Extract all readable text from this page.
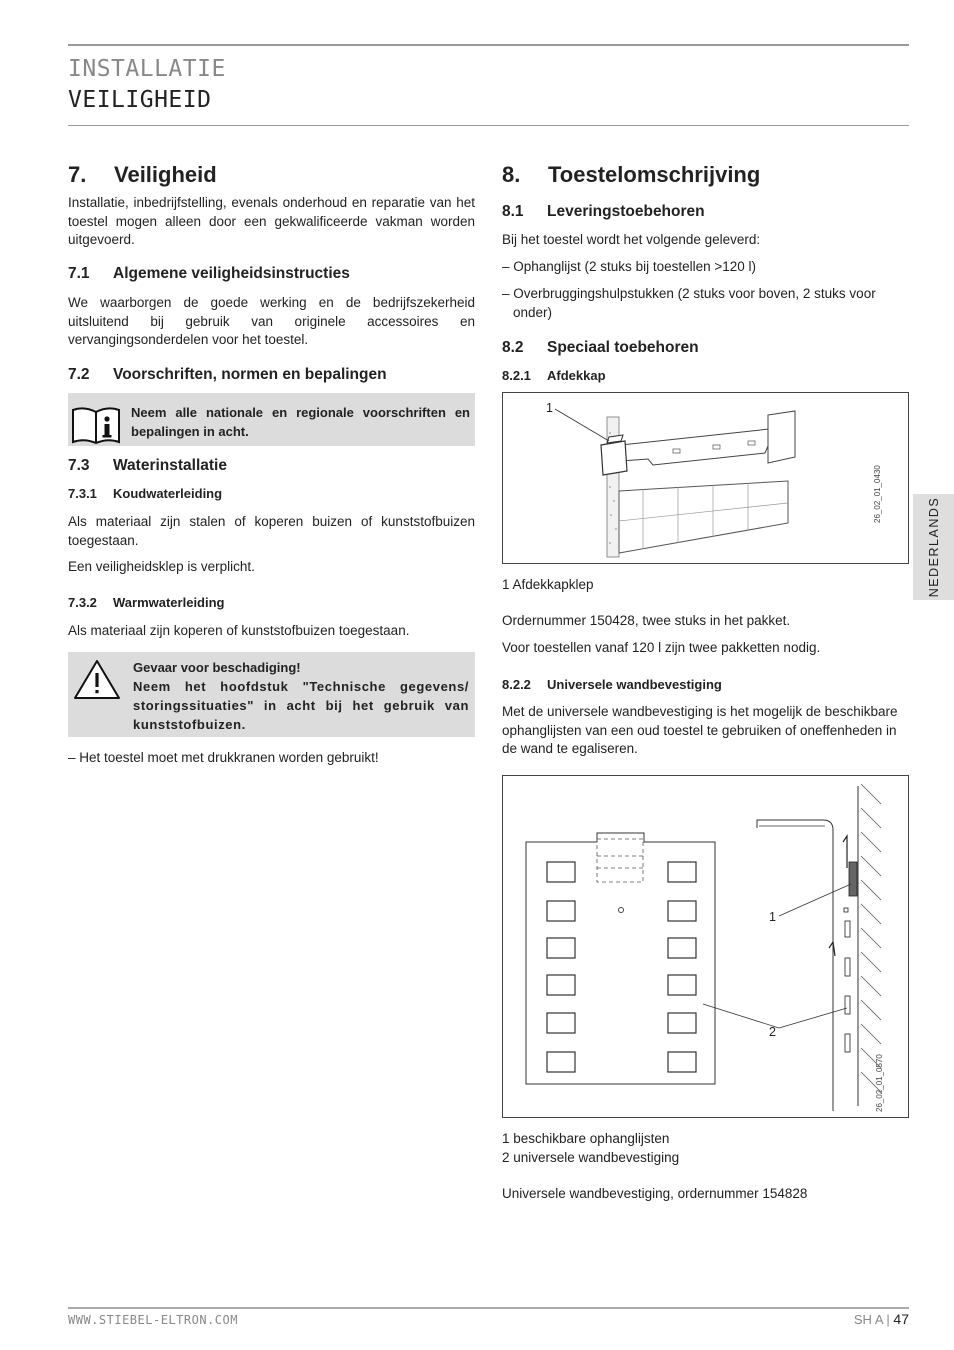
INSTALLATIE
VEILIGHEID
NEDERLANDS
7. Veiligheid

Installatie, inbedrijfstelling, evenals onderhoud en reparatie van het toestel mogen alleen door een gekwalificeerde vakman worden uitgevoerd.

7.1 Algemene veiligheidsinstructies

We waarborgen de goede werking en de bedrijfszekerheid uitsluitend bij gebruik van originele accessoires en vervangingsonderdelen voor het toestel.

7.2 Voorschriften, normen en bepalingen
Neem alle nationale en regionale voorschriften en bepalingen in acht.
7.3 Waterinstallatie
7.3.1 Koudwaterleiding

Als materiaal zijn stalen of koperen buizen of kunststofbuizen toegestaan.

Een veiligheidsklep is verplicht.

7.3.2 Warmwaterleiding

Als materiaal zijn koperen of kunststofbuizen toegestaan.

Gevaar voor beschadiging!
Neem het hoofdstuk "Technische gegevens/ storingssituaties" in acht bij het gebruik van kunststofbuizen.

– Het toestel moet met drukkranen worden gebruikt!

8. Toestelomschrijving
8.1 Leveringstoebehoren

Bij het toestel wordt het volgende geleverd:

– Ophanglijst (2 stuks bij toestellen >120 l)

– Overbruggingshulpstukken (2 stuks voor boven, 2 stuks voor onder)

8.2 Speciaal toebehoren
8.2.1 Afdekkap
1
26_02_01_0430

1 Afdekkapklep

Ordernummer 150428, twee stuks in het pakket.

Voor toestellen vanaf 120 l zijn twee pakketten nodig.

8.2.2 Universele wandbevestiging

Met de universele wandbevestiging is het mogelijk de beschikbare ophanglijsten van een oud toestel te gebruiken of oneffenheden in de wand te egaliseren.

1
2
26_02_01_0570

1 beschikbare ophanglijsten

2 universele wandbevestiging

Universele wandbevestiging, ordernummer 154828

WWW.STIEBEL-ELTRON.COM	SH A | 47
